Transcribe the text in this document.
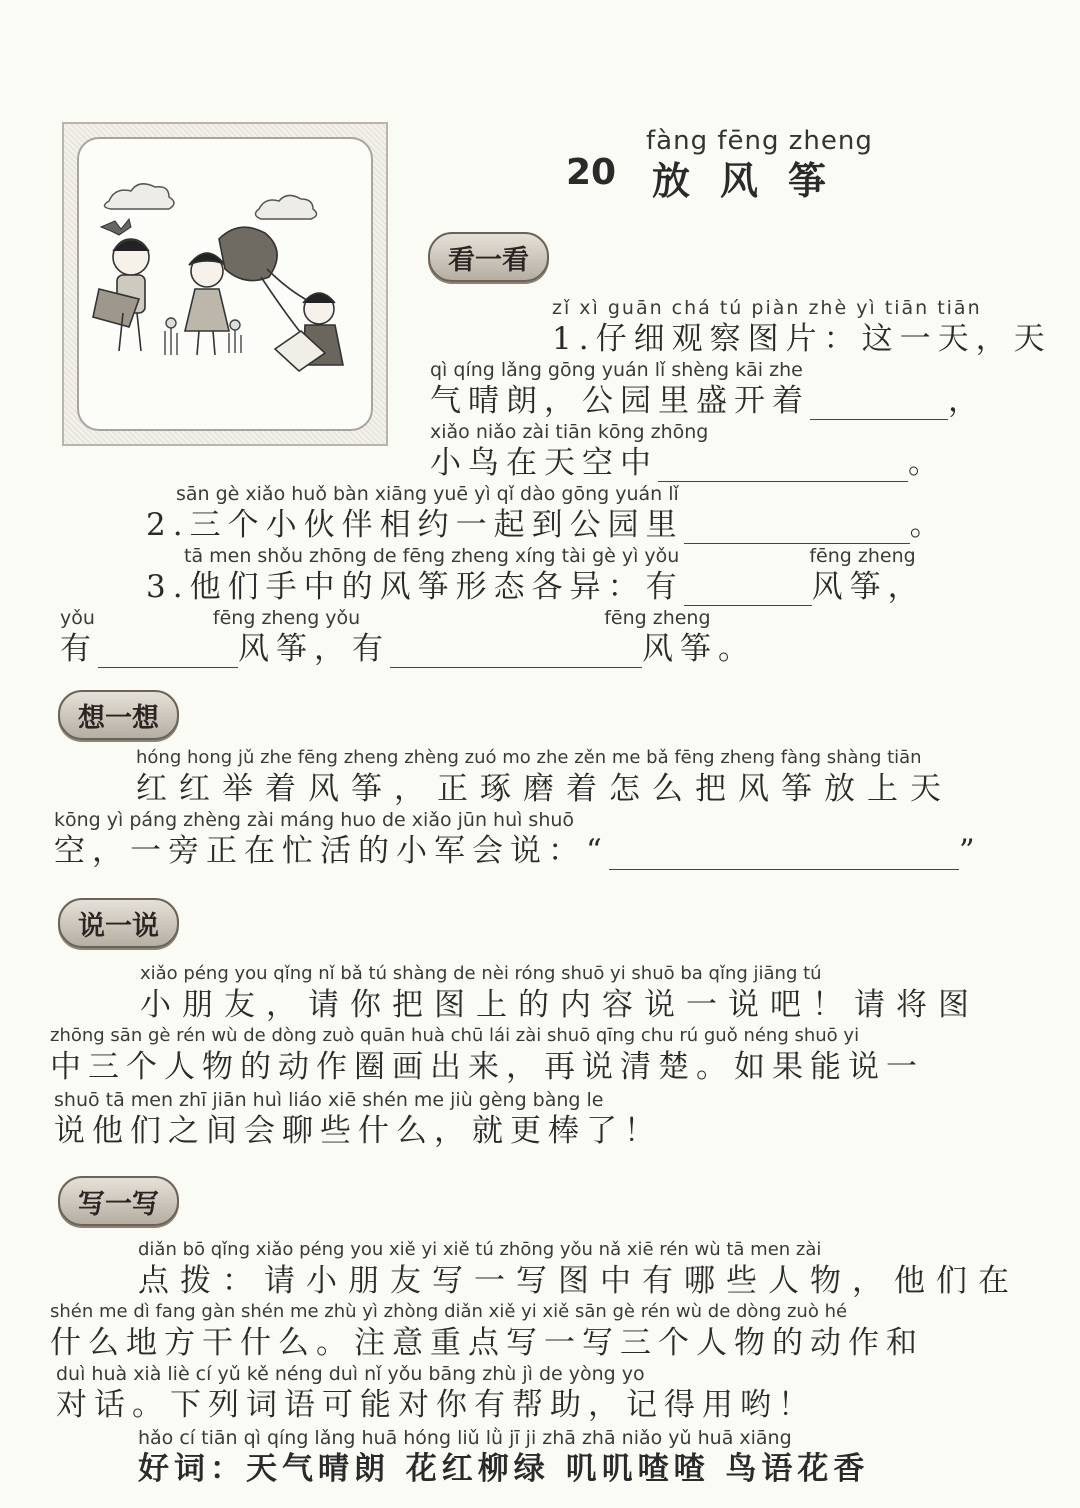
fàng fēng zheng
20 放风筝
看一看
zǐ xì guān chá tú piàn zhè yì tiān tiān
1.仔细观察图片：这一天，天
qì qíng lǎng gōng yuán lǐ shèng kāi zhe
气晴朗，公园里盛开着	，
xiǎo niǎo zài tiān kōng zhōng
小鸟在天空中	。
sān gè xiǎo huǒ bàn xiāng yuē yì qǐ dào gōng yuán lǐ
2.三个小伙伴相约一起到公园里	。
tā men shǒu zhōng de fēng zheng xíng tài gè yì yǒu	fēng zheng
3.他们手中的风筝形态各异：有	风筝，
yǒu	fēng zheng yǒu	fēng zheng
有	风筝，有	风筝。
想一想
hóng hong jǔ zhe fēng zheng zhèng zuó mo zhe zěn me bǎ fēng zheng fàng shàng tiān
红红举着风筝，正琢磨着怎么把风筝放上天
kōng yì páng zhèng zài máng huo de xiǎo jūn huì shuō
空，一旁正在忙活的小军会说：“	”
说一说
xiǎo péng you qǐng nǐ bǎ tú shàng de nèi róng shuō yi shuō ba qǐng jiāng tú
小朋友，请你把图上的内容说一说吧！请将图
zhōng sān gè rén wù de dòng zuò quān huà chū lái zài shuō qīng chu rú guǒ néng shuō yi
中三个人物的动作圈画出来，再说清楚。如果能说一
shuō tā men zhī jiān huì liáo xiē shén me jiù gèng bàng le
说他们之间会聊些什么，就更棒了！
写一写
diǎn bō qǐng xiǎo péng you xiě yi xiě tú zhōng yǒu nǎ xiē rén wù tā men zài
点拨：请小朋友写一写图中有哪些人物，他们在
shén me dì fang gàn shén me zhù yì zhòng diǎn xiě yi xiě sān gè rén wù de dòng zuò hé
什么地方干什么。注意重点写一写三个人物的动作和
duì huà xià liè cí yǔ kě néng duì nǐ yǒu bāng zhù jì de yòng yo
对话。下列词语可能对你有帮助，记得用哟！
hǎo cí tiān qì qíng lǎng huā hóng liǔ lǜ jī ji zhā zhā niǎo yǔ huā xiāng
好词：天气晴朗 花红柳绿 叽叽喳喳 鸟语花香
